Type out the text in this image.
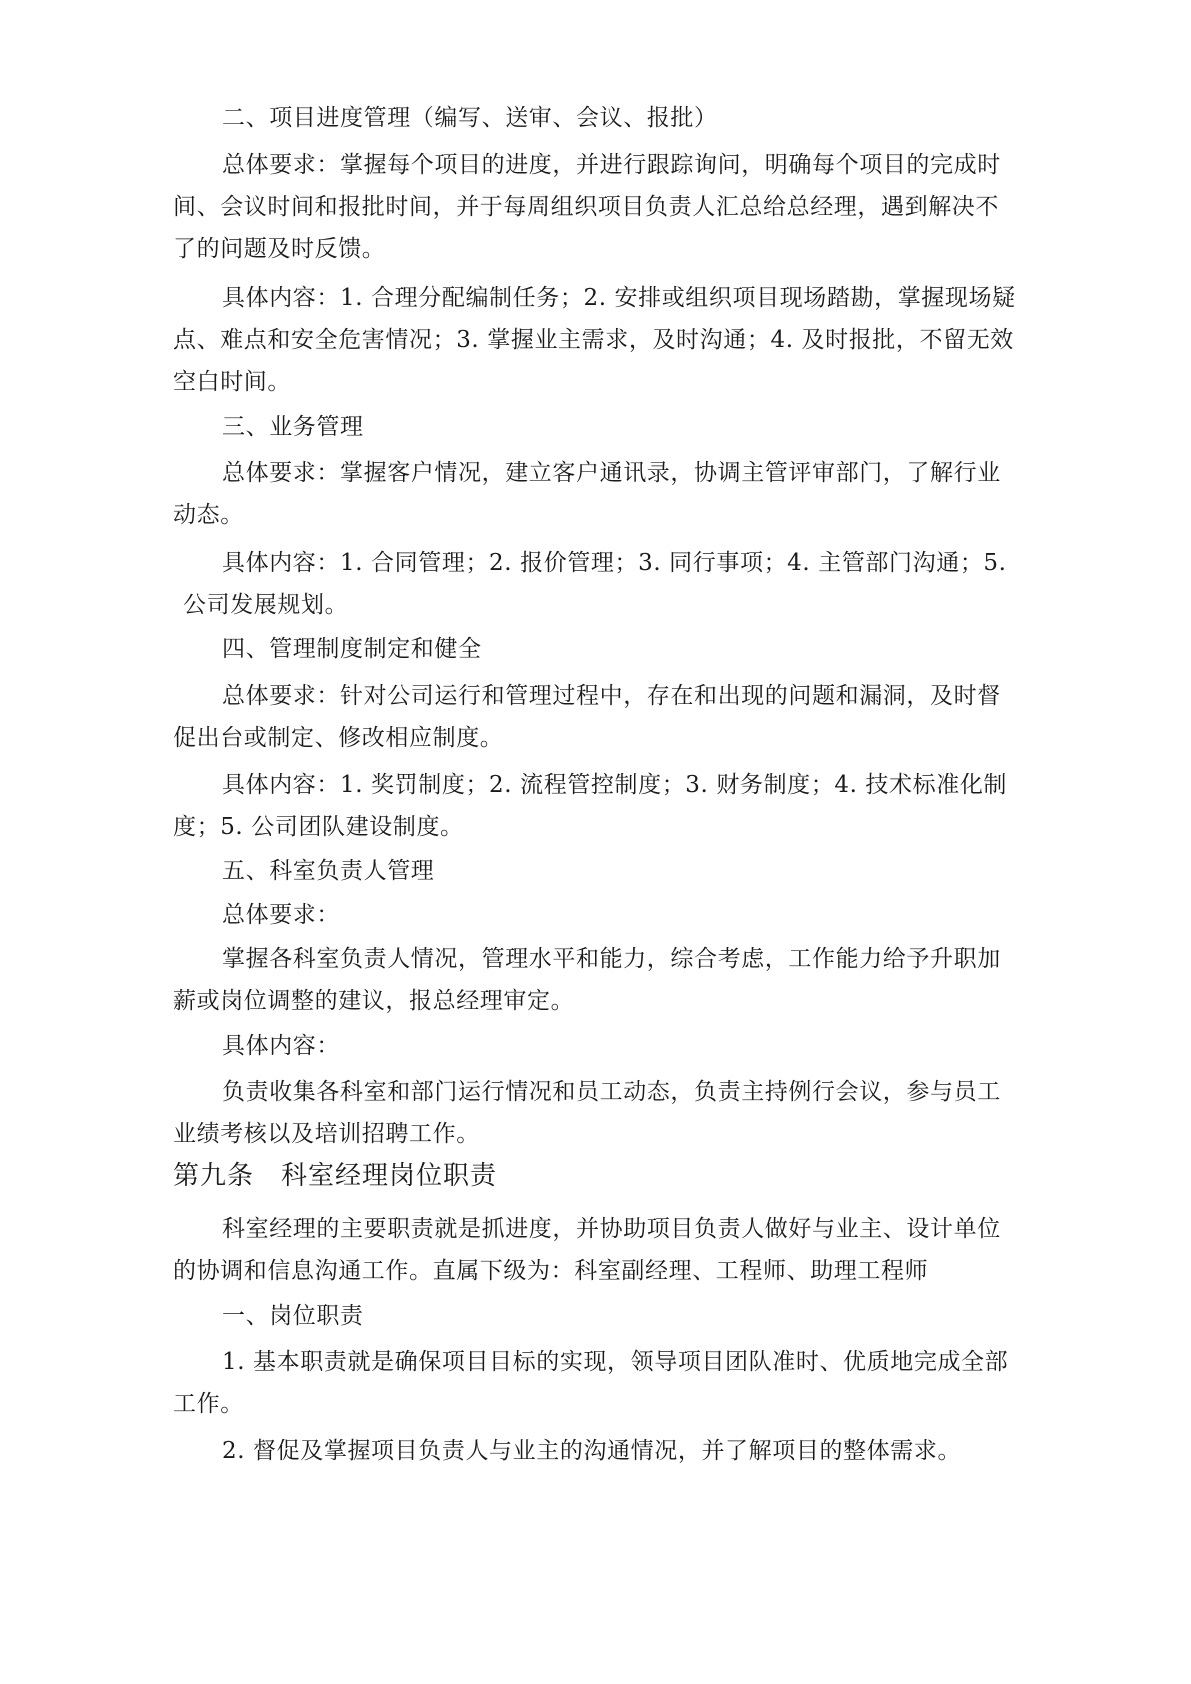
二、项目进度管理（编写、送审、会议、报批）

总体要求：掌握每个项目的进度，并进行跟踪询问，明确每个项目的完成时

间、会议时间和报批时间，并于每周组织项目负责人汇总给总经理，遇到解决不

了的问题及时反馈。

具体内容：1. 合理分配编制任务；2. 安排或组织项目现场踏勘，掌握现场疑

点、难点和安全危害情况；3. 掌握业主需求，及时沟通；4. 及时报批，不留无效

空白时间。

三、业务管理

总体要求：掌握客户情况，建立客户通讯录，协调主管评审部门，了解行业

动态。

具体内容：1. 合同管理；2. 报价管理；3. 同行事项；4. 主管部门沟通；5.

公司发展规划。

四、管理制度制定和健全

总体要求：针对公司运行和管理过程中，存在和出现的问题和漏洞，及时督

促出台或制定、修改相应制度。

具体内容：1. 奖罚制度；2. 流程管控制度；3. 财务制度；4. 技术标准化制

度；5. 公司团队建设制度。

五、科室负责人管理

总体要求：

掌握各科室负责人情况，管理水平和能力，综合考虑，工作能力给予升职加

薪或岗位调整的建议，报总经理审定。

具体内容：

负责收集各科室和部门运行情况和员工动态，负责主持例行会议，参与员工

业绩考核以及培训招聘工作。

第九条　科室经理岗位职责

科室经理的主要职责就是抓进度，并协助项目负责人做好与业主、设计单位

的协调和信息沟通工作。直属下级为：科室副经理、工程师、助理工程师

一、岗位职责

1. 基本职责就是确保项目目标的实现，领导项目团队准时、优质地完成全部

工作。

2. 督促及掌握项目负责人与业主的沟通情况，并了解项目的整体需求。
